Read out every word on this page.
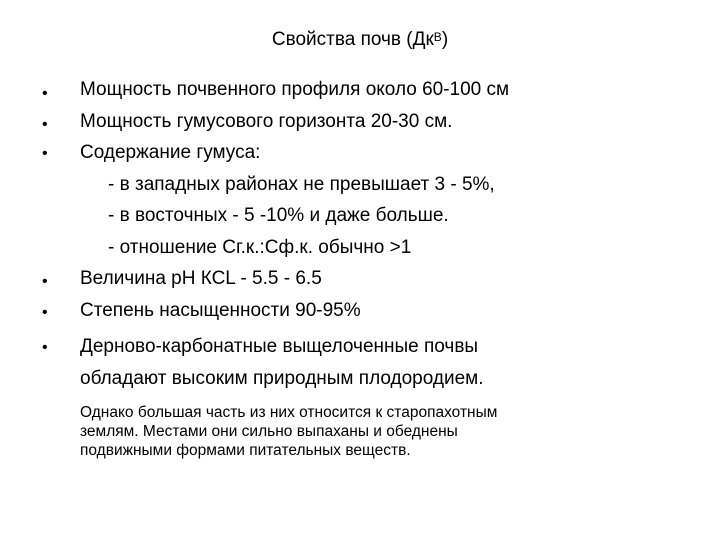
Свойства почв $(Дк^В)$
•
•
•
•
•
•
Мощность почвенного профиля около 60-100 см
Мощность гумусового горизонта 20-30 см.
Содержание гумуса:
- в западных районах не превышает 3 - 5%,
- в восточных - 5 -10% и даже больше.
- отношение Сг.к.:Сф.к. обычно >1
Величина рН КСL - 5.5 - 6.5
Степень насыщенности 90-95%
Дерново-карбонатные выщелоченные почвы
обладают высоким природным плодородием.
Однако большая часть из них относится к старопахотным
землям. Местами они сильно выпаханы и обеднены
подвижными формами питательных веществ.
